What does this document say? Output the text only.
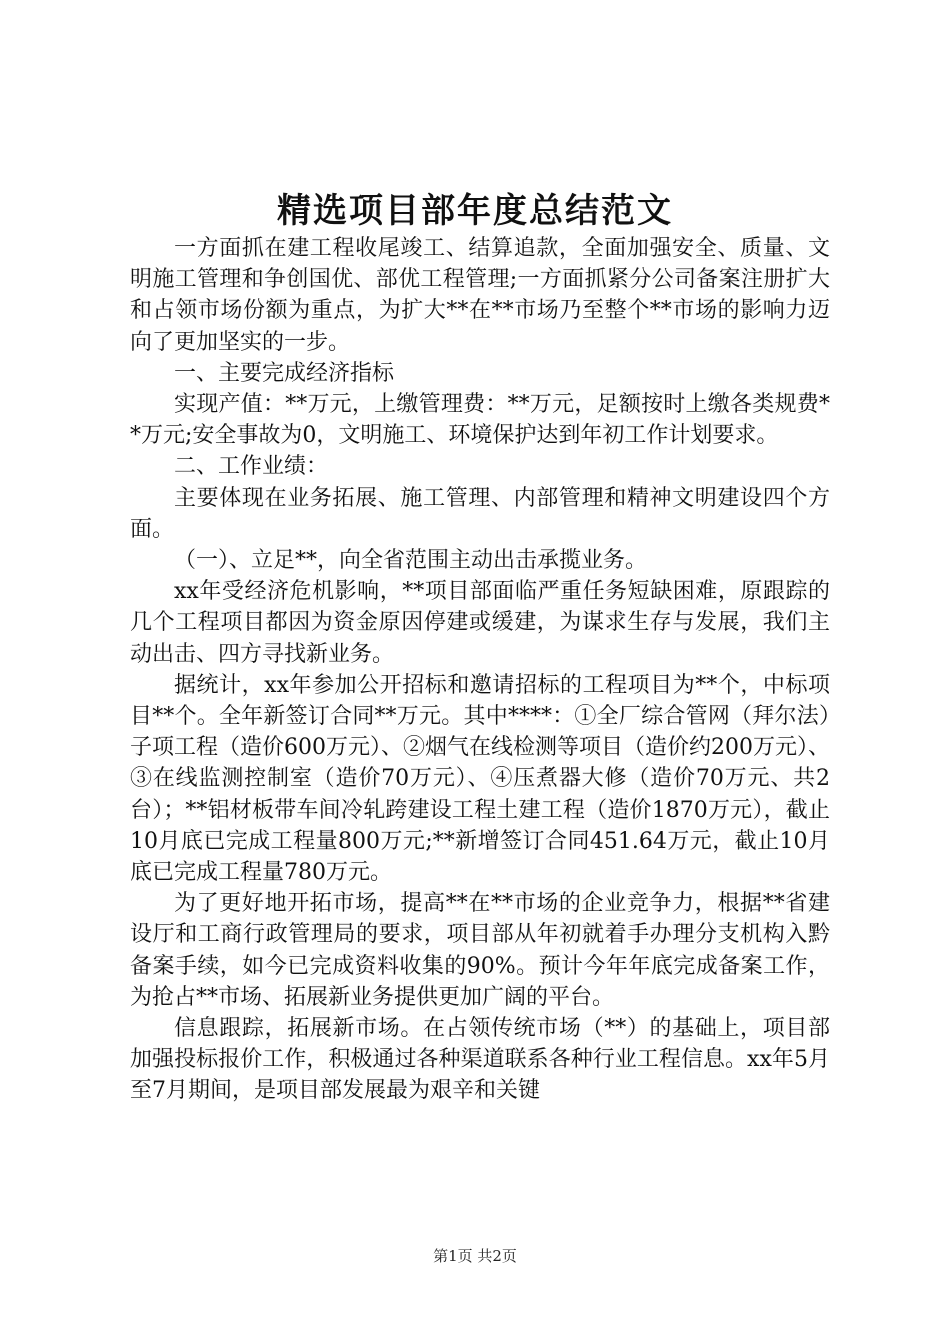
精选项目部年度总结范文

一方面抓在建工程收尾竣工、结算追款，全面加强安全、质量、文明施工管理和争创国优、部优工程管理;一方面抓紧分公司备案注册扩大和占领市场份额为重点，为扩大**在**市场乃至整个**市场的影响力迈向了更加坚实的一步。

一、主要完成经济指标

实现产值：**万元，上缴管理费：**万元，足额按时上缴各类规费**万元;安全事故为0，文明施工、环境保护达到年初工作计划要求。

二、工作业绩：

主要体现在业务拓展、施工管理、内部管理和精神文明建设四个方面。

（一）、立足**，向全省范围主动出击承揽业务。

xx年受经济危机影响，**项目部面临严重任务短缺困难，原跟踪的几个工程项目都因为资金原因停建或缓建，为谋求生存与发展，我们主动出击、四方寻找新业务。

据统计，xx年参加公开招标和邀请招标的工程项目为**个，中标项目**个。全年新签订合同**万元。其中****：①全厂综合管网（拜尔法）子项工程（造价600万元）、②烟气在线检测等项目（造价约200万元）、③在线监测控制室（造价70万元）、④压煮器大修（造价70万元、共2台）；**铝材板带车间冷轧跨建设工程土建工程（造价1870万元），截止10月底已完成工程量800万元;**新增签订合同451.64万元，截止10月底已完成工程量780万元。

为了更好地开拓市场，提高**在**市场的企业竞争力，根据**省建设厅和工商行政管理局的要求，项目部从年初就着手办理分支机构入黔备案手续，如今已完成资料收集的90%。预计今年年底完成备案工作，为抢占**市场、拓展新业务提供更加广阔的平台。

信息跟踪，拓展新市场。在占领传统市场（**）的基础上，项目部加强投标报价工作，积极通过各种渠道联系各种行业工程信息。xx年5月至7月期间，是项目部发展最为艰辛和关键

第1页 共2页
